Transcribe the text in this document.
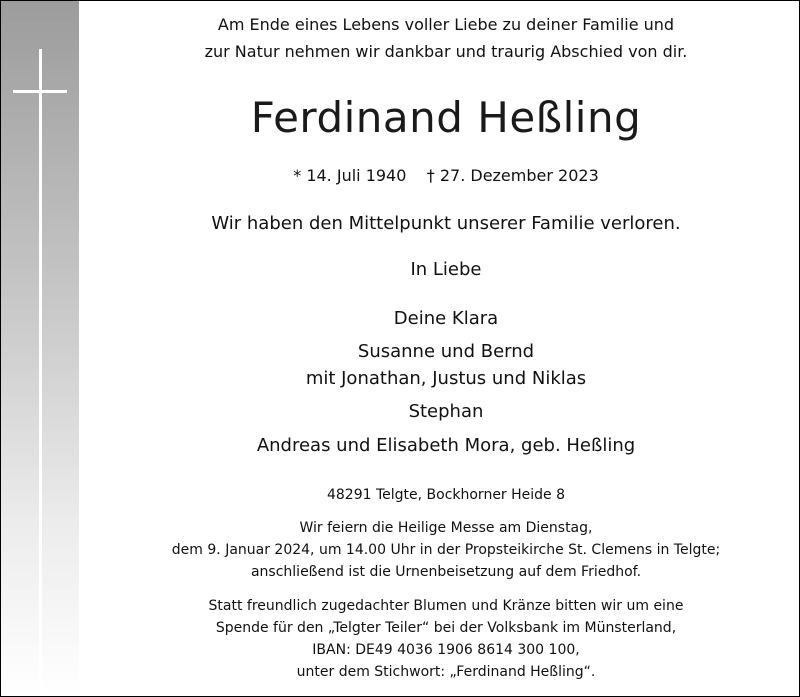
Am Ende eines Lebens voller Liebe zu deiner Familie und
zur Natur nehmen wir dankbar und traurig Abschied von dir.
Ferdinand Heßling
* 14. Juli 1940    † 27. Dezember 2023
Wir haben den Mittelpunkt unserer Familie verloren.
In Liebe
Deine Klara
Susanne und Bernd
mit Jonathan, Justus und Niklas
Stephan
Andreas und Elisabeth Mora, geb. Heßling
48291 Telgte, Bockhorner Heide 8
Wir feiern die Heilige Messe am Dienstag,
dem 9. Januar 2024, um 14.00 Uhr in der Propsteikirche St. Clemens in Telgte;
anschließend ist die Urnenbeisetzung auf dem Friedhof.
Statt freundlich zugedachter Blumen und Kränze bitten wir um eine
Spende für den „Telgter Teiler“ bei der Volksbank im Münsterland,
IBAN: DE49 4036 1906 8614 300 100,
unter dem Stichwort: „Ferdinand Heßling“.
